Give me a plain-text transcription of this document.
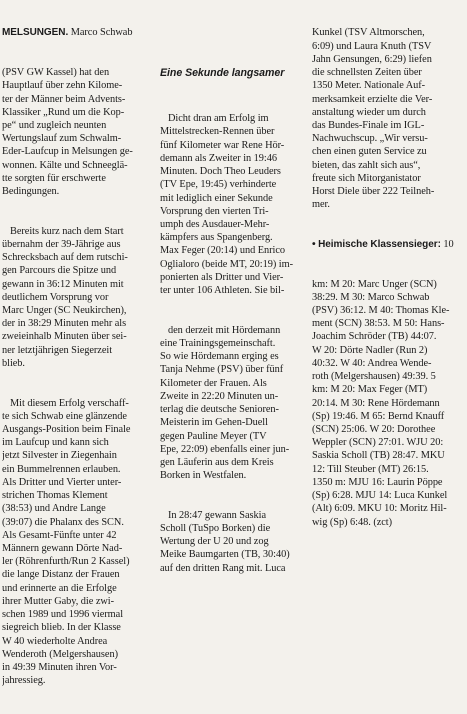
MELSUNGEN. Marco Schwab

(PSV GW Kassel) hat den
Hauptlauf über zehn Kilome-
ter der Männer beim Advents-
Klassiker „Rund um die Kop-
pe“ und zugleich neunten
Wertungslauf zum Schwalm-
Eder-Laufcup in Melsungen ge-
wonnen. Kälte und Schneeglä-
tte sorgten für erschwerte
Bedingungen.

Bereits kurz nach dem Start
übernahm der 39-Jährige aus
Schrecksbach auf dem rutschi-
gen Parcours die Spitze und
gewann in 36:12 Minuten mit
deutlichem Vorsprung vor
Marc Unger (SC Neukirchen),
der in 38:29 Minuten mehr als
zweieinhalb Minuten über sei-
ner letztjährigen Siegerzeit
blieb.

Mit diesem Erfolg verschaff-
te sich Schwab eine glänzende
Ausgangs-Position beim Finale
im Laufcup und kann sich
jetzt Silvester in Ziegenhain
ein Bummelrennen erlauben.
Als Dritter und Vierter unter-
strichen Thomas Klement
(38:53) und Andre Lange
(39:07) die Phalanx des SCN.
Als Gesamt-Fünfte unter 42
Männern gewann Dörte Nad-
ler (Röhrenfurth/Run 2 Kassel)
die lange Distanz der Frauen
und erinnerte an die Erfolge
ihrer Mutter Gaby, die zwi-
schen 1989 und 1996 viermal
siegreich blieb. In der Klasse
W 40 wiederholte Andrea
Wenderoth (Melgershausen)
in 49:39 Minuten ihren Vor-
jahressieg.

Eine Sekunde langsamer

Dicht dran am Erfolg im
Mittelstrecken-Rennen über
fünf Kilometer war Rene Hör-
demann als Zweiter in 19:46
Minuten. Doch Theo Leuders
(TV Epe, 19:45) verhinderte
mit lediglich einer Sekunde
Vorsprung den vierten Tri-
umph des Ausdauer-Mehr-
kämpfers aus Spangenberg.
Max Feger (20:14) und Enrico
Oglialoro (beide MT, 20:19) im-
ponierten als Dritter und Vier-
ter unter 106 Athleten. Sie bil-

den derzeit mit Hördemann
eine Trainingsgemeinschaft.
So wie Hördemann erging es
Tanja Nehme (PSV) über fünf
Kilometer der Frauen. Als
Zweite in 22:20 Minuten un-
terlag die deutsche Senioren-
Meisterin im Gehen-Duell
gegen Pauline Meyer (TV
Epe, 22:09) ebenfalls einer jun-
gen Läuferin aus dem Kreis
Borken in Westfalen.

In 28:47 gewann Saskia
Scholl (TuSpo Borken) die
Wertung der U 20 und zog
Meike Baumgarten (TB, 30:40)
auf den dritten Rang mit. Luca

Kunkel (TSV Altmorschen,
6:09) und Laura Knuth (TSV
Jahn Gensungen, 6:29) liefen
die schnellsten Zeiten über
1350 Meter. Nationale Auf-
merksamkeit erzielte die Ver-
anstaltung wieder um durch
das Bundes-Finale im IGL-
Nachwuchscup. „Wir versu-
chen einen guten Service zu
bieten, das zahlt sich aus“,
freute sich Mitorganistator
Horst Diele über 222 Teilneh-
mer.

• Heimische Klassensieger: 10

km: M 20: Marc Unger (SCN)
38:29. M 30: Marco Schwab
(PSV) 36:12. M 40: Thomas Kle-
ment (SCN) 38:53. M 50: Hans-
Joachim Schröder (TB) 44:07.
W 20: Dörte Nadler (Run 2)
40:32. W 40: Andrea Wende-
roth (Melgershausen) 49:39. 5
km: M 20: Max Feger (MT)
20:14. M 30: Rene Hördemann
(Sp) 19:46. M 65: Bernd Knauff
(SCN) 25:06. W 20: Dorothee
Weppler (SCN) 27:01. WJU 20:
Saskia Scholl (TB) 28:47. MKU
12: Till Steuber (MT) 26:15.
1350 m: MJU 16: Laurin Pöppe
(Sp) 6:28. MJU 14: Luca Kunkel
(Alt) 6:09. MKU 10: Moritz Hil-
wig (Sp) 6:48. (zct)
